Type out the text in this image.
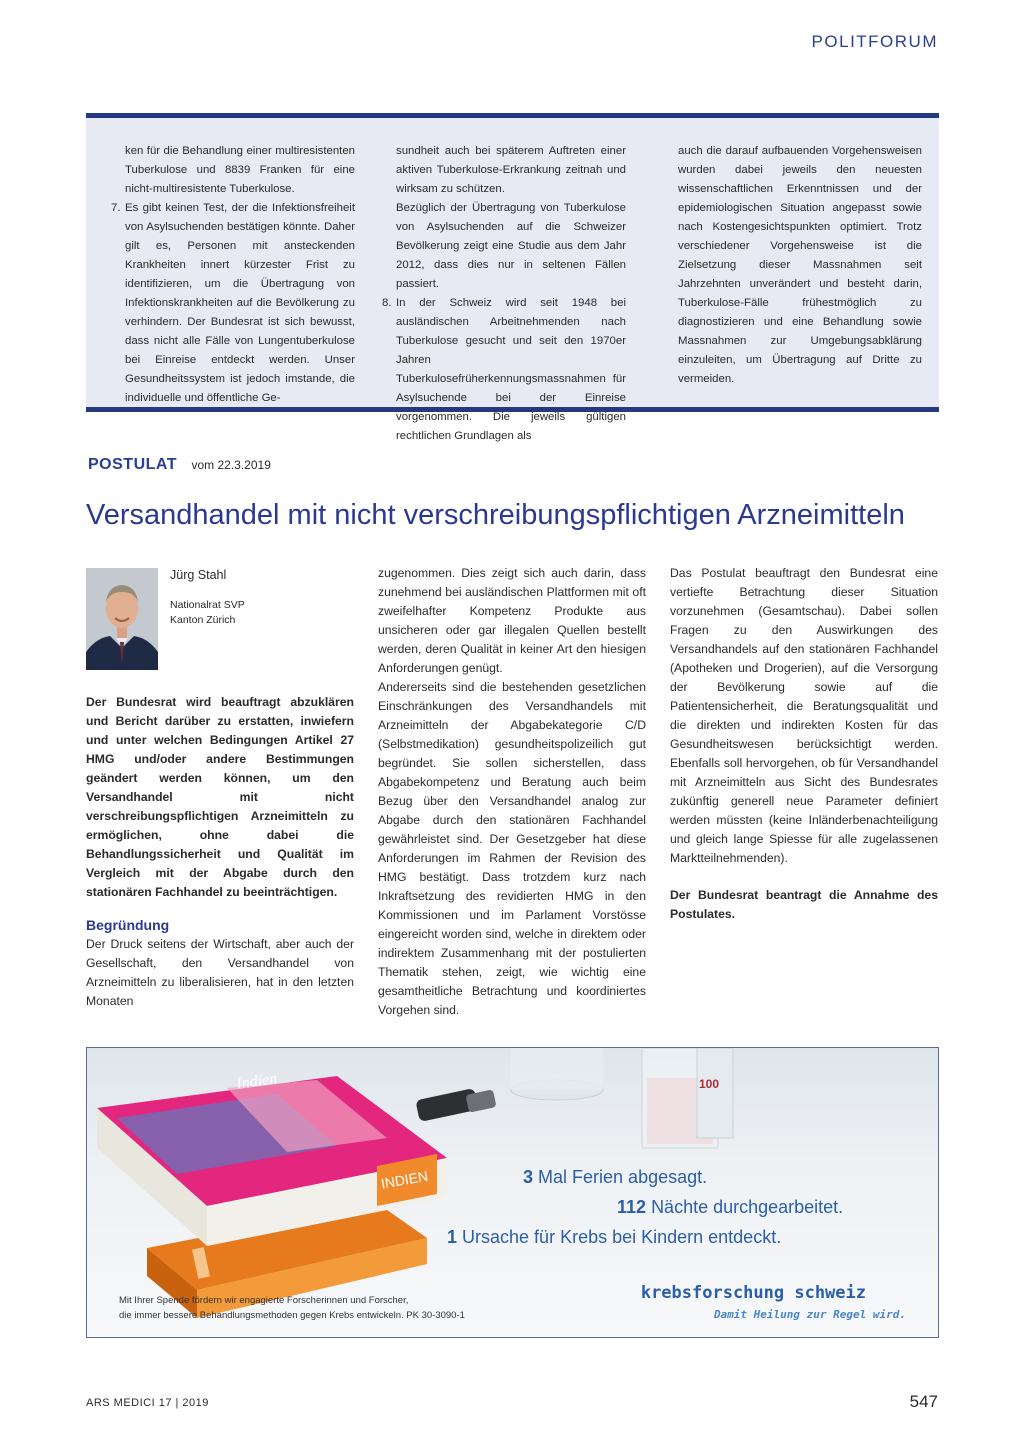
POLITFORUM

ken für die Behandlung einer multiresistenten Tuberkulose und 8839 Franken für eine nicht-multiresistente Tuberkulose.

7. Es gibt keinen Test, der die Infektionsfreiheit von Asylsuchenden bestätigen könnte. Daher gilt es, Personen mit ansteckenden Krankheiten innert kürzester Frist zu identifizieren, um die Übertragung von Infektionskrankheiten auf die Bevölkerung zu verhindern. Der Bundesrat ist sich bewusst, dass nicht alle Fälle von Lungentuberkulose bei Einreise entdeckt werden. Unser Gesundheitssystem ist jedoch imstande, die individuelle und öffentliche Ge-

sundheit auch bei späterem Auftreten einer aktiven Tuberkulose-Erkrankung zeitnah und wirksam zu schützen.

Bezüglich der Übertragung von Tuberkulose von Asylsuchenden auf die Schweizer Bevölkerung zeigt eine Studie aus dem Jahr 2012, dass dies nur in seltenen Fällen passiert.

8. In der Schweiz wird seit 1948 bei ausländischen Arbeitnehmenden nach Tuberkulose gesucht und seit den 1970er Jahren Tuberkulosefrüherkennungsmassnahmen für Asylsuchende bei der Einreise vorgenommen. Die jeweils gültigen rechtlichen Grundlagen als

auch die darauf aufbauenden Vorgehensweisen wurden dabei jeweils den neuesten wissenschaftlichen Erkenntnissen und der epidemiologischen Situation angepasst sowie nach Kostengesichtspunkten optimiert. Trotz verschiedener Vorgehensweise ist die Zielsetzung dieser Massnahmen seit Jahrzehnten unverändert und besteht darin, Tuberkulose-Fälle frühestmöglich zu diagnostizieren und eine Behandlung sowie Massnahmen zur Umgebungsabklärung einzuleiten, um Übertragung auf Dritte zu vermeiden.

POSTULAT vom 22.3.2019
Versandhandel mit nicht verschreibungspflichtigen Arzneimitteln
Jürg Stahl
Nationalrat SVP
Kanton Zürich

Der Bundesrat wird beauftragt abzuklären und Bericht darüber zu erstatten, inwiefern und unter welchen Bedingungen Artikel 27 HMG und/oder andere Bestimmungen geändert werden können, um den Versandhandel mit nicht verschreibungspflichtigen Arzneimitteln zu ermöglichen, ohne dabei die Behandlungssicherheit und Qualität im Vergleich mit der Abgabe durch den stationären Fachhandel zu beeinträchtigen.

Begründung

Der Druck seitens der Wirtschaft, aber auch der Gesellschaft, den Versandhandel von Arzneimitteln zu liberalisieren, hat in den letzten Monaten

zugenommen. Dies zeigt sich auch darin, dass zunehmend bei ausländischen Plattformen mit oft zweifelhafter Kompetenz Produkte aus unsicheren oder gar illegalen Quellen bestellt werden, deren Qualität in keiner Art den hiesigen Anforderungen genügt.

Andererseits sind die bestehenden gesetzlichen Einschränkungen des Versandhandels mit Arzneimitteln der Abgabekategorie C/D (Selbstmedikation) gesundheitspolizeilich gut begründet. Sie sollen sicherstellen, dass Abgabekompetenz und Beratung auch beim Bezug über den Versandhandel analog zur Abgabe durch den stationären Fachhandel gewährleistet sind. Der Gesetzgeber hat diese Anforderungen im Rahmen der Revision des HMG bestätigt. Dass trotzdem kurz nach Inkraftsetzung des revidierten HMG in den Kommissionen und im Parlament Vorstösse eingereicht worden sind, welche in direktem oder indirektem Zusammenhang mit der postulierten Thematik stehen, zeigt, wie wichtig eine gesamtheitliche Betrachtung und koordiniertes Vorgehen sind.

Das Postulat beauftragt den Bundesrat eine vertiefte Betrachtung dieser Situation vorzunehmen (Gesamtschau). Dabei sollen Fragen zu den Auswirkungen des Versandhandels auf den stationären Fachhandel (Apotheken und Drogerien), auf die Versorgung der Bevölkerung sowie auf die Patientensicherheit, die Beratungsqualität und die direkten und indirekten Kosten für das Gesundheitswesen berücksichtigt werden. Ebenfalls soll hervorgehen, ob für Versandhandel mit Arzneimitteln aus Sicht des Bundesrates zukünftig generell neue Parameter definiert werden müssten (keine Inländerbenachteiligung und gleich lange Spiesse für alle zugelassenen Marktteilnehmenden).

Der Bundesrat beantragt die Annahme des Postulates.

100
INDIEN
Indien
3 Mal Ferien abgesagt.
112 Nächte durchgearbeitet.
1 Ursache für Krebs bei Kindern entdeckt.
Mit Ihrer Spende fördern wir engagierte Forscherinnen und Forscher,
die immer bessere Behandlungsmethoden gegen Krebs entwickeln. PK 30-3090-1
krebsforschung schweiz
Damit Heilung zur Regel wird.
ARS MEDICI 17 | 2019	547
